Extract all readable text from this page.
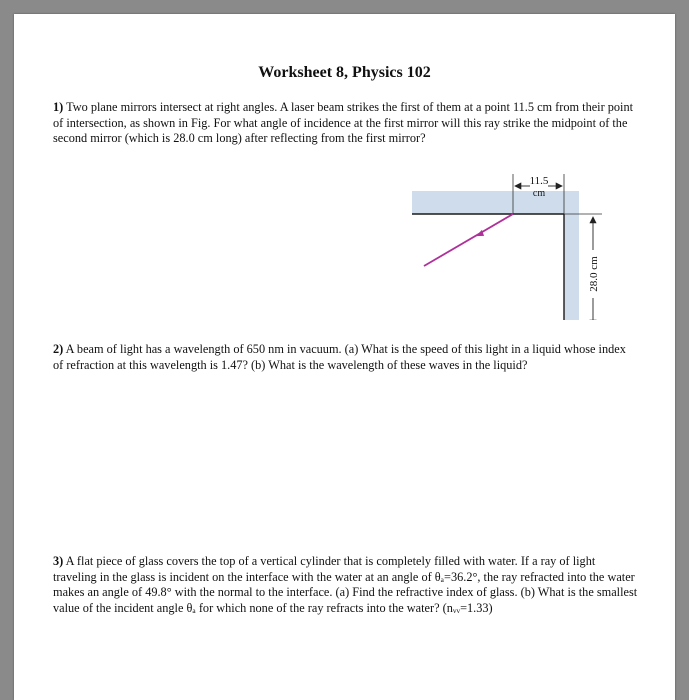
Worksheet 8, Physics 102

1) Two plane mirrors intersect at right angles. A laser beam strikes the first of them at a point 11.5 cm from their point of intersection, as shown in Fig. For what angle of incidence at the first mirror will this ray strike the midpoint of the second mirror (which is 28.0 cm long) after reflecting from the first mirror?

11.5
cm
28.0 cm

2) A beam of light has a wavelength of 650 nm in vacuum. (a) What is the speed of this light in a liquid whose index of refraction at this wavelength is 1.47? (b) What is the wavelength of these waves in the liquid?

3) A flat piece of glass covers the top of a vertical cylinder that is completely filled with water. If a ray of light traveling in the glass is incident on the interface with the water at an angle of θₐ=36.2°, the ray refracted into the water makes an angle of 49.8° with the normal to the interface. (a) Find the refractive index of glass. (b) What is the smallest value of the incident angle θₐ for which none of the ray refracts into the water? (nᵥᵥ=1.33)
